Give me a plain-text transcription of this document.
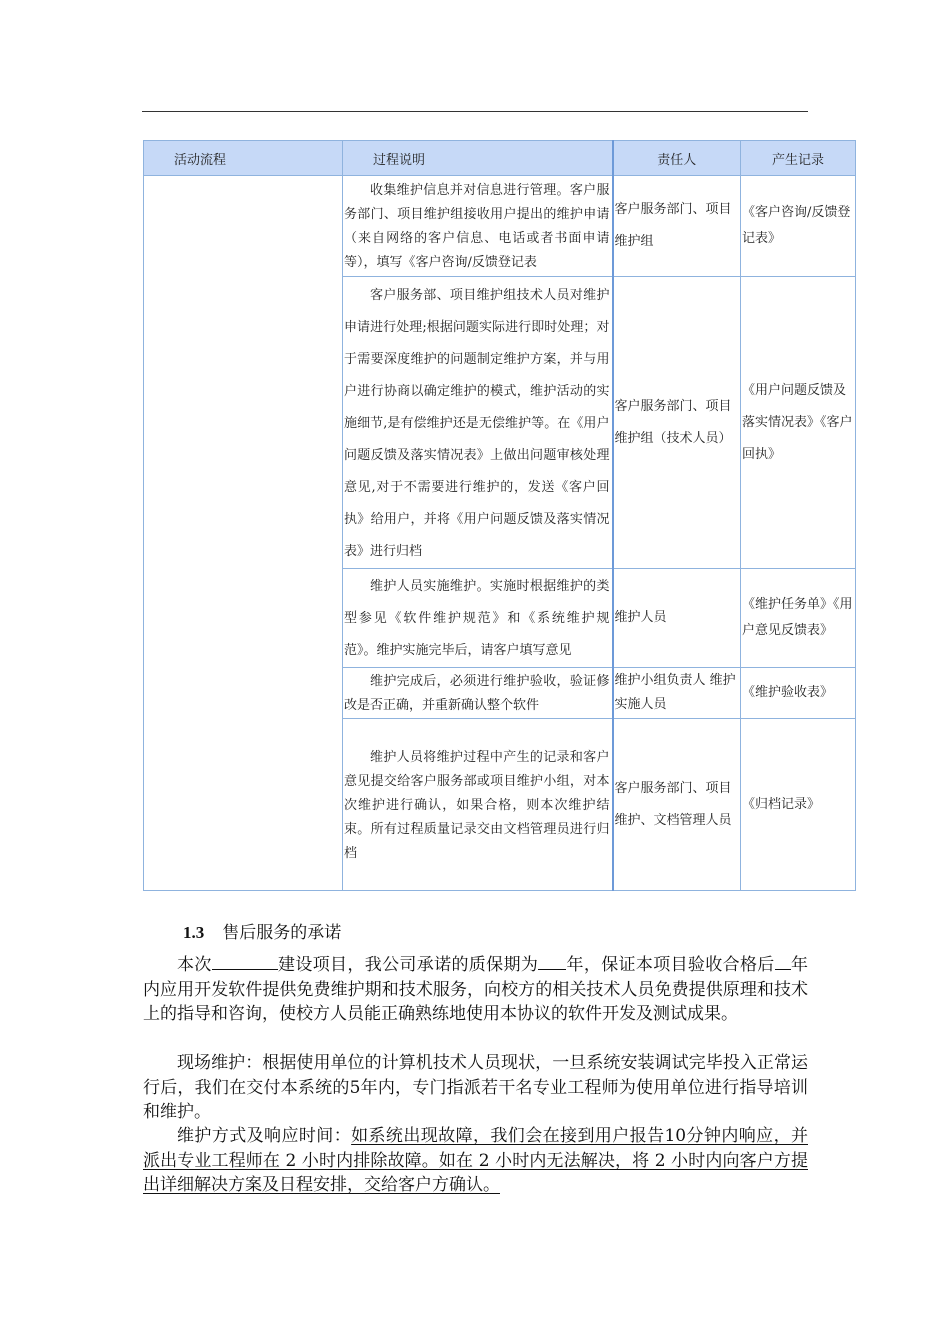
活动流程	过程说明	责任人	产生记录
	收集维护信息并对信息进行管理。客户服务部门、项目维护组接收用户提出的维护申请（来自网络的客户信息、电话或者书面申请等），填写《客户咨询/反馈登记表	客户服务部门、项目维护组	《客户咨询/反馈登记表》
	客户服务部、项目维护组技术人员对维护申请进行处理;根据问题实际进行即时处理；对于需要深度维护的问题制定维护方案，并与用户进行协商以确定维护的模式，维护活动的实施细节,是有偿维护还是无偿维护等。在《用户问题反馈及落实情况表》上做出问题审核处理意见,对于不需要进行维护的，发送《客户回执》给用户，并将《用户问题反馈及落实情况表》进行归档	客户服务部门、项目维护组（技术人员）	《用户问题反馈及落实情况表》《客户回执》
	维护人员实施维护。实施时根据维护的类型参见《软件维护规范》和《系统维护规范》。维护实施完毕后，请客户填写意见	维护人员	《维护任务单》《用户意见反馈表》
	维护完成后，必须进行维护验收，验证修改是否正确，并重新确认整个软件	维护小组负责人 维护实施人员	《维护验收表》
	维护人员将维护过程中产生的记录和客户意见提交给客户服务部或项目维护小组，对本次维护进行确认，如果合格，则本次维护结束。所有过程质量记录交由文档管理员进行归档	客户服务部门、项目维护、文档管理人员	《归档记录》
1.3 售后服务的承诺
本次	建设项目，我公司承诺的质保期为 年，保证本项目验收合格后 年内应用开发软件提供免费维护期和技术服务，向校方的相关技术人员免费提供原理和技术上的指导和咨询，使校方人员能正确熟练地使用本协议的软件开发及测试成果。
现场维护：根据使用单位的计算机技术人员现状，一旦系统安装调试完毕投入正常运行后，我们在交付本系统的5年内，专门指派若干名专业工程师为使用单位进行指导培训和维护。
维护方式及响应时间：如系统出现故障，我们会在接到用户报告10分钟内响应，并派出专业工程师在 2 小时内排除故障。如在 2 小时内无法解决，将 2 小时内向客户方提出详细解决方案及日程安排，交给客户方确认。
